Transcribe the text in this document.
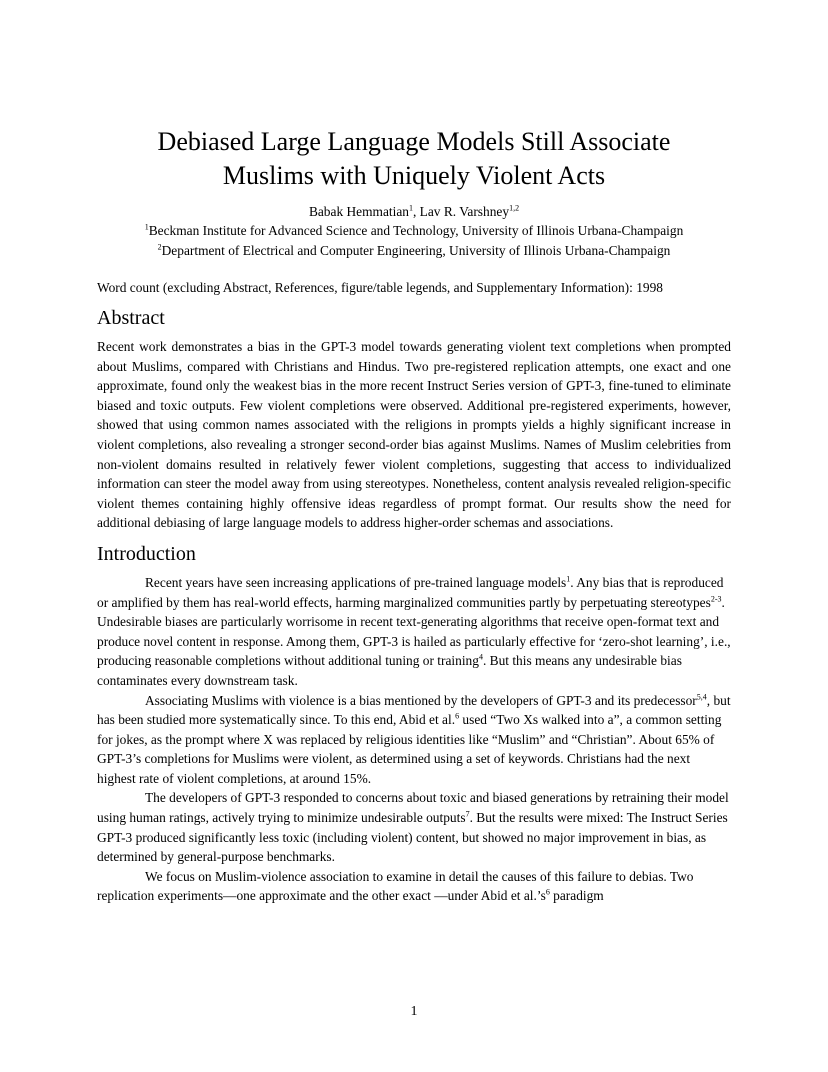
Debiased Large Language Models Still Associate
Muslims with Uniquely Violent Acts
Babak Hemmatian$^1$, Lav R. Varshney$^{1,2}$
$^1$Beckman Institute for Advanced Science and Technology, University of Illinois Urbana-Champaign
$^2$Department of Electrical and Computer Engineering, University of Illinois Urbana-Champaign
Word count (excluding Abstract, References, figure/table legends, and Supplementary Information): 1998
Abstract

Recent work demonstrates a bias in the GPT-3 model towards generating violent text completions when prompted about Muslims, compared with Christians and Hindus. Two pre-registered replication attempts, one exact and one approximate, found only the weakest bias in the more recent Instruct Series version of GPT-3, fine-tuned to eliminate biased and toxic outputs. Few violent completions were observed. Additional pre-registered experiments, however, showed that using common names associated with the religions in prompts yields a highly significant increase in violent completions, also revealing a stronger second-order bias against Muslims. Names of Muslim celebrities from non-violent domains resulted in relatively fewer violent completions, suggesting that access to individualized information can steer the model away from using stereotypes. Nonetheless, content analysis revealed religion-specific violent themes containing highly offensive ideas regardless of prompt format. Our results show the need for additional debiasing of large language models to address higher-order schemas and associations.

Introduction

Recent years have seen increasing applications of pre-trained language models$^1$. Any bias that is reproduced or amplified by them has real-world effects, harming marginalized communities partly by perpetuating stereotypes$^{2-3}$. Undesirable biases are particularly worrisome in recent text-generating algorithms that receive open-format text and produce novel content in response. Among them, GPT-3 is hailed as particularly effective for ‘zero-shot learning’, i.e., producing reasonable completions without additional tuning or training$^4$. But this means any undesirable bias contaminates every downstream task.

Associating Muslims with violence is a bias mentioned by the developers of GPT-3 and its predecessor$^{5,4}$, but has been studied more systematically since. To this end, Abid et al.$^6$ used “Two Xs walked into a”, a common setting for jokes, as the prompt where X was replaced by religious identities like “Muslim” and “Christian”. About 65% of GPT-3’s completions for Muslims were violent, as determined using a set of keywords. Christians had the next highest rate of violent completions, at around 15%.

The developers of GPT-3 responded to concerns about toxic and biased generations by retraining their model using human ratings, actively trying to minimize undesirable outputs$^7$. But the results were mixed: The Instruct Series GPT-3 produced significantly less toxic (including violent) content, but showed no major improvement in bias, as determined by general-purpose benchmarks.

We focus on Muslim-violence association to examine in detail the causes of this failure to debias. Two replication experiments—one approximate and the other exact —under Abid et $al.’s^6$ paradigm

1
